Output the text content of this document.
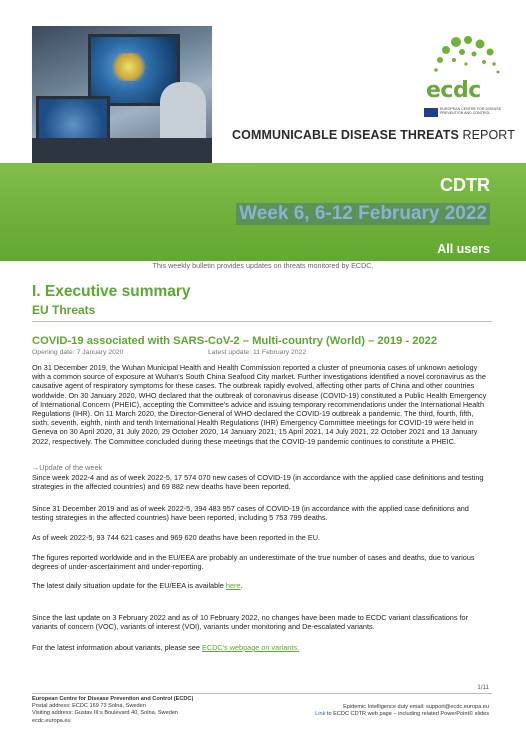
ecdc
EUROPEAN CENTRE FOR DISEASE PREVENTION AND CONTROL
COMMUNICABLE DISEASE THREATS REPORT
CDTR
Week 6, 6-12 February 2022
All users
This weekly bulletin provides updates on threats monitored by ECDC.
I. Executive summary
EU Threats
COVID-19 associated with SARS-CoV-2 – Multi-country (World) – 2019 - 2022
Opening date: 7 January 2020	Latest update: 11 February 2022
On 31 December 2019, the Wuhan Municipal Health and Health Commission reported a cluster of pneumonia cases of unknown aetiology with a common source of exposure at Wuhan's South China Seafood City market. Further investigations identified a novel coronavirus as the causative agent of respiratory symptoms for these cases. The outbreak rapidly evolved, affecting other parts of China and other countries worldwide. On 30 January 2020, WHO declared that the outbreak of coronavirus disease (COVID-19) constituted a Public Health Emergency of International Concern (PHEIC), accepting the Committee's advice and issuing temporary recommendations under the International Health Regulations (IHR). On 11 March 2020, the Director-General of WHO declared the COVID-19 outbreak a pandemic. The third, fourth, fifth, sixth, seventh, eighth, ninth and tenth International Health Regulations (IHR) Emergency Committee meetings for COVID-19 were held in Geneva on 30 April 2020, 31 July 2020, 29 October 2020, 14 January 2021, 15 April 2021, 14 July 2021, 22 October 2021 and 13 January 2022, respectively. The Committee concluded during these meetings that the COVID-19 pandemic continues to constitute a PHEIC.
→Update of the week
Since week 2022-4 and as of week 2022-5, 17 574 070 new cases of COVID-19 (in accordance with the applied case definitions and testing strategies in the affected countries) and 69 882 new deaths have been reported.
Since 31 December 2019 and as of week 2022-5, 394 483 957 cases of COVID-19 (in accordance with the applied case definitions and testing strategies in the affected countries) have been reported, including 5 753 799 deaths.
As of week 2022-5, 93 744 621 cases and 969 620 deaths have been reported in the EU.
The figures reported worldwide and in the EU/EEA are probably an underestimate of the true number of cases and deaths, due to various degrees of under-ascertainment and under-reporting.
The latest daily situation update for the EU/EEA is available here.
Since the last update on 3 February 2022 and as of 10 February 2022, no changes have been made to ECDC variant classifications for variants of concern (VOC), variants of interest (VOI), variants under monitoring and De-escalated variants.
For the latest information about variants, please see ECDC's webpage on variants.
1/11
European Centre for Disease Prevention and Control (ECDC)
Postal address: ECDC 169 73 Solna, Sweden
Visiting address: Gustav III:s Boulevard 40, Solna, Sweden
ecdc.europa.eu
Epidemic Intelligence duty email: support@ecdc.europa.eu
Link to ECDC CDTR web page – including related PowerPoint© slides
